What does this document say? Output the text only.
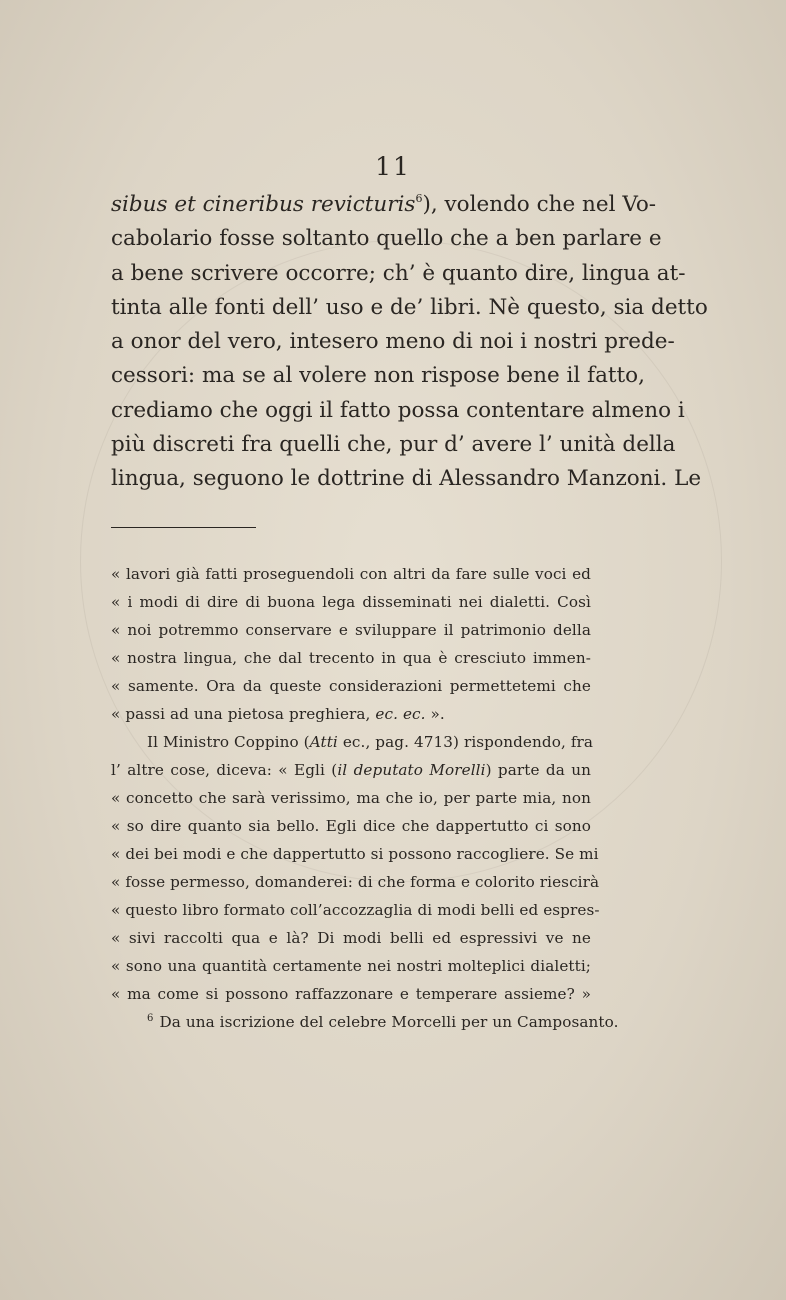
11
sibus et cineribus revicturis$^6$), volendo che nel Vo-
cabolario fosse soltanto quello che a ben parlare e
a bene scrivere occorre; ch’ è quanto dire, lingua at-
tinta alle fonti dell’ uso e de’ libri. Nè questo, sia detto
a onor del vero, intesero meno di noi i nostri prede-
cessori: ma se al volere non rispose bene il fatto,
crediamo che oggi il fatto possa contentare almeno i
più discreti fra quelli che, pur d’ avere l’ unità della
lingua, seguono le dottrine di Alessandro Manzoni. Le
« lavori già fatti proseguendoli con altri da fare sulle voci ed
« i modi di dire di buona lega disseminati nei dialetti. Così
« noi potremmo conservare e sviluppare il patrimonio della
« nostra lingua, che dal trecento in qua è cresciuto immen-
« samente. Ora da queste considerazioni permettetemi che
« passi ad una pietosa preghiera, ec. ec. ».
Il Ministro Coppino (Atti ec., pag. 4713) rispondendo, fra
l’ altre cose, diceva: « Egli (il deputato Morelli) parte da un
« concetto che sarà verissimo, ma che io, per parte mia, non
« so dire quanto sia bello. Egli dice che dappertutto ci sono
« dei bei modi e che dappertutto si possono raccogliere. Se mi
« fosse permesso, domanderei: di che forma e colorito riescirà
« questo libro formato coll’accozzaglia di modi belli ed espres-
« sivi raccolti qua e là? Di modi belli ed espressivi ve ne
« sono una quantità certamente nei nostri molteplici dialetti;
« ma come si possono raffazzonare e temperare assieme? »
$^6$ Da una iscrizione del celebre Morcelli per un Camposanto.
